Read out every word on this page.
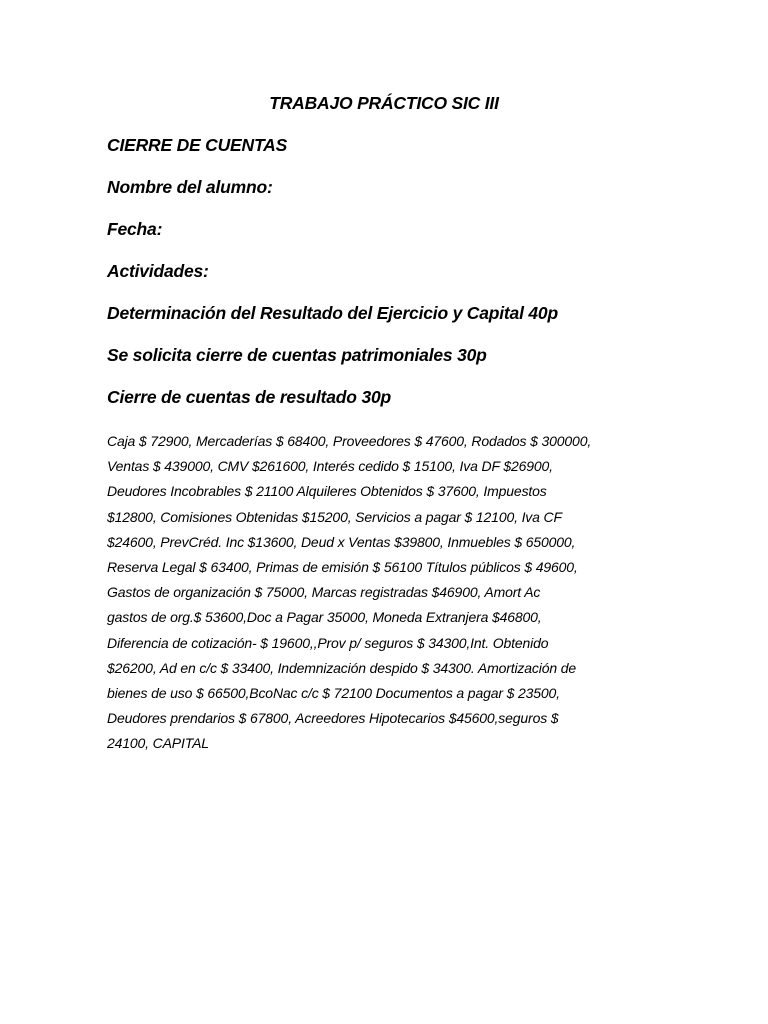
TRABAJO PRÁCTICO SIC III
CIERRE DE CUENTAS
Nombre del alumno:
Fecha:
Actividades:
Determinación del Resultado del Ejercicio y Capital 40p
Se solicita cierre de cuentas patrimoniales 30p
Cierre de cuentas de resultado 30p
Caja $ 72900, Mercaderías $ 68400, Proveedores $ 47600, Rodados $ 300000,
Ventas $ 439000, CMV $261600, Interés cedido $ 15100, Iva DF $26900,
Deudores Incobrables $ 21100 Alquileres Obtenidos $ 37600, Impuestos
$12800, Comisiones Obtenidas $15200, Servicios a pagar $ 12100, Iva CF
$24600, PrevCréd. Inc $13600, Deud x Ventas $39800, Inmuebles $ 650000,
Reserva Legal $ 63400, Primas de emisión $ 56100 Títulos públicos $ 49600,
Gastos de organización $ 75000, Marcas registradas $46900, Amort Ac
gastos de org.$ 53600,Doc a Pagar 35000, Moneda Extranjera $46800,
Diferencia de cotización- $ 19600,,Prov p/ seguros $ 34300,Int. Obtenido
$26200, Ad en c/c $ 33400, Indemnización despido $ 34300. Amortización de
bienes de uso $ 66500,BcoNac c/c $ 72100 Documentos a pagar $ 23500,
Deudores prendarios $ 67800, Acreedores Hipotecarios $45600,seguros $
24100, CAPITAL
